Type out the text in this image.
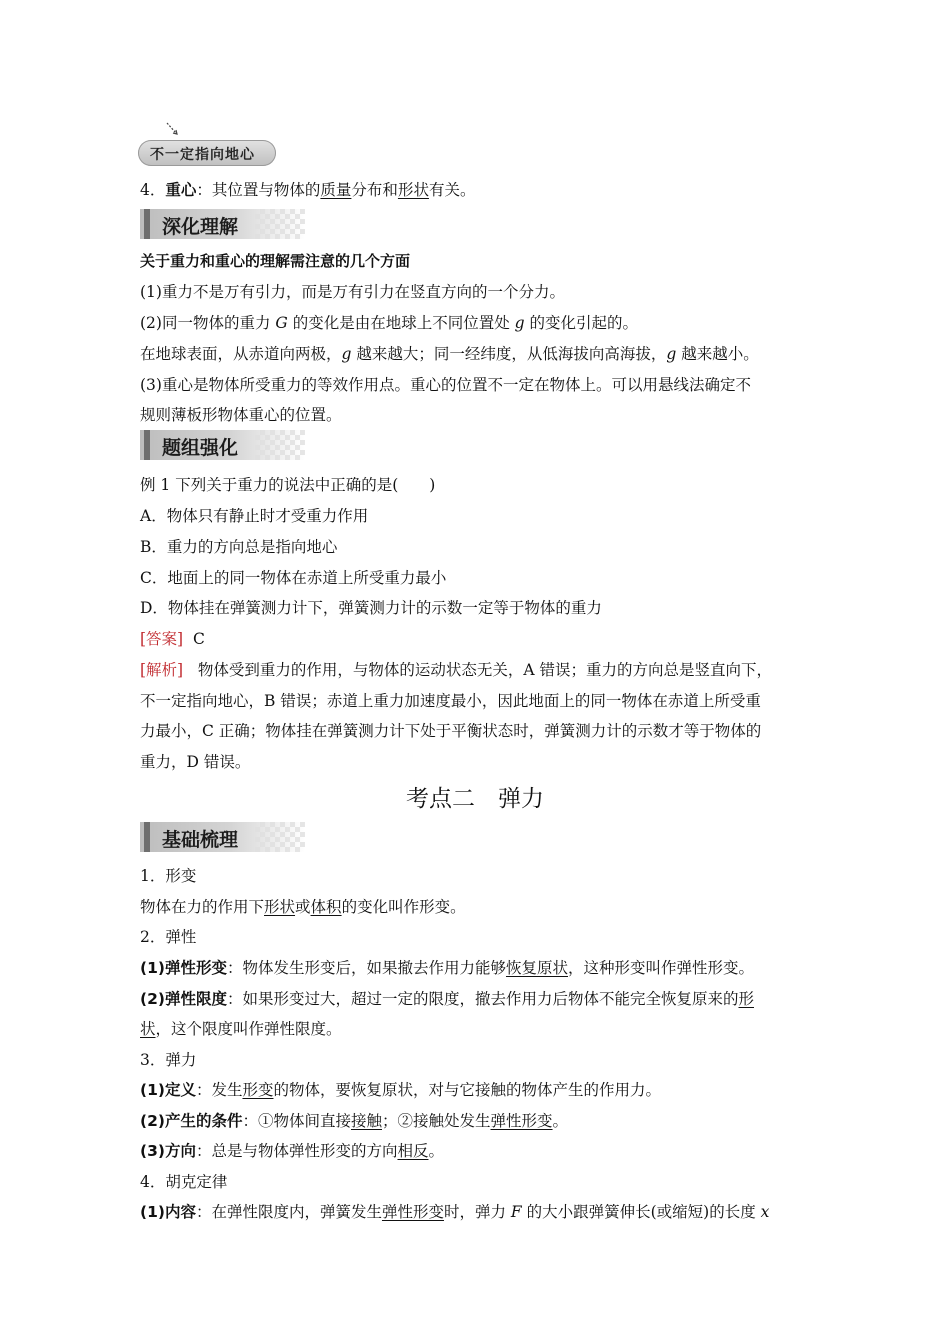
不一定指向地心
4．重心：其位置与物体的质量分布和形状有关。
深化理解
关于重力和重心的理解需注意的几个方面
(1)重力不是万有引力，而是万有引力在竖直方向的一个分力。
(2)同一物体的重力 G 的变化是由在地球上不同位置处 g 的变化引起的。
在地球表面，从赤道向两极，g 越来越大；同一经纬度，从低海拔向高海拔，g 越来越小。
(3)重心是物体所受重力的等效作用点。重心的位置不一定在物体上。可以用悬线法确定不
规则薄板形物体重心的位置。
题组强化
例 1 下列关于重力的说法中正确的是(　　)
A．物体只有静止时才受重力作用
B．重力的方向总是指向地心
C．地面上的同一物体在赤道上所受重力最小
D．物体挂在弹簧测力计下，弹簧测力计的示数一定等于物体的重力
[答案] C
[解析] 物体受到重力的作用，与物体的运动状态无关，A 错误；重力的方向总是竖直向下，
不一定指向地心，B 错误；赤道上重力加速度最小，因此地面上的同一物体在赤道上所受重
力最小，C 正确；物体挂在弹簧测力计下处于平衡状态时，弹簧测力计的示数才等于物体的
重力，D 错误。
考点二　弹力
基础梳理
1．形变
物体在力的作用下形状或体积的变化叫作形变。
2．弹性
(1)弹性形变：物体发生形变后，如果撤去作用力能够恢复原状，这种形变叫作弹性形变。
(2)弹性限度：如果形变过大，超过一定的限度，撤去作用力后物体不能完全恢复原来的形
状，这个限度叫作弹性限度。
3．弹力
(1)定义：发生形变的物体，要恢复原状，对与它接触的物体产生的作用力。
(2)产生的条件：①物体间直接接触；②接触处发生弹性形变。
(3)方向：总是与物体弹性形变的方向相反。
4．胡克定律
(1)内容：在弹性限度内，弹簧发生弹性形变时，弹力 F 的大小跟弹簧伸长(或缩短)的长度 x
